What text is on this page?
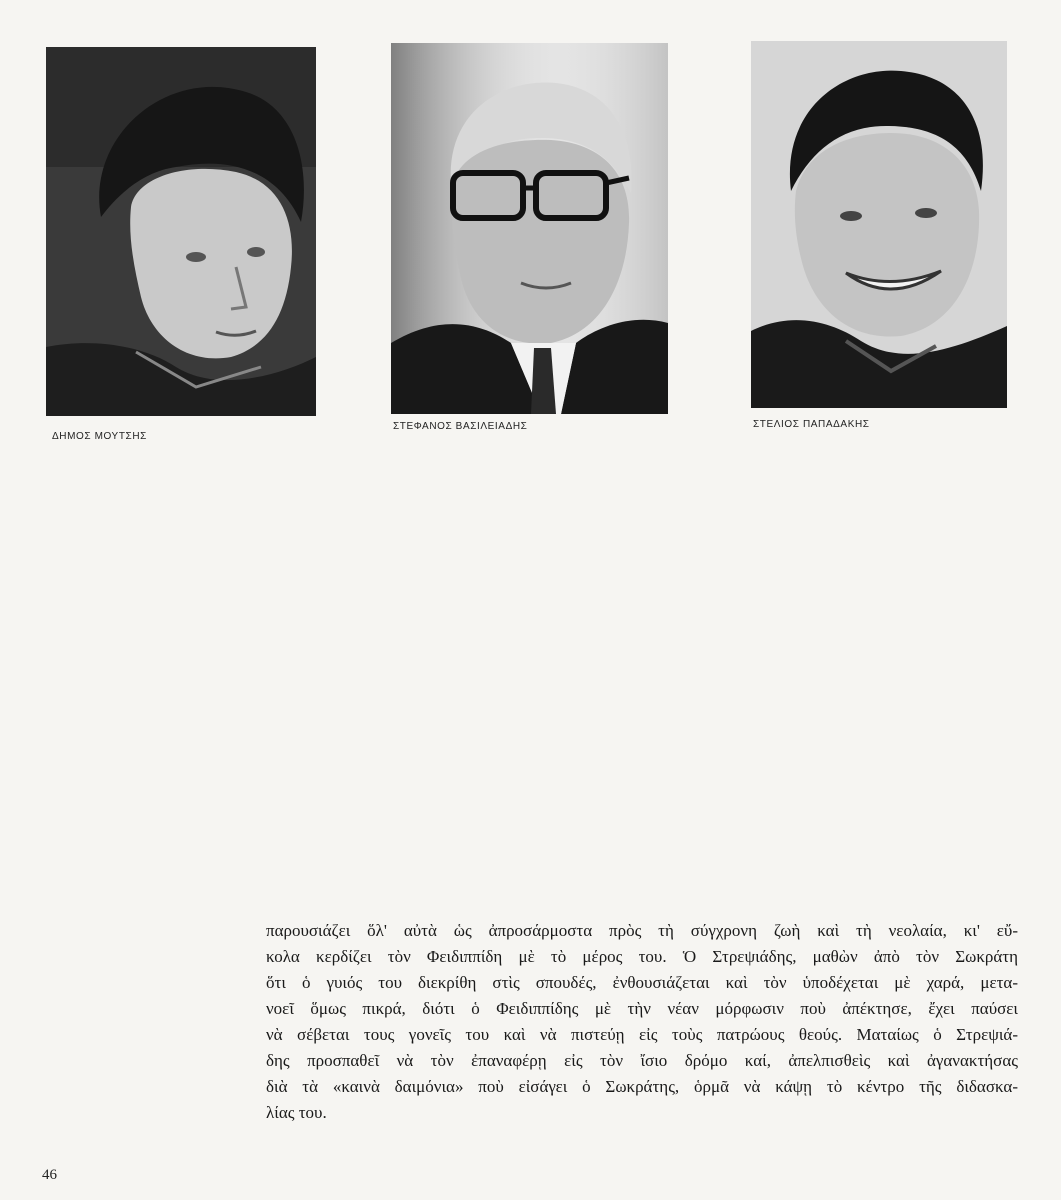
ΔΗΜΟΣ ΜΟΥΤΣΗΣ
ΣΤΕΦΑΝΟΣ ΒΑΣΙΛΕΙΑΔΗΣ	ΣΤΕΛΙΟΣ ΠΑΠΑΔΑΚΗΣ
παρουσιάζει ὅλ' αὐτὰ ὡς ἀπροσάρμοστα πρὸς τὴ σύγχρονη ζωὴ καὶ τὴ νεολαία, κι' εὔ-
κολα κερδίζει τὸν Φειδιππίδη μὲ τὸ μέρος του. Ὁ Στρεψιάδης, μαθὼν ἀπὸ τὸν Σωκράτη
ὅτι ὁ γυιός του διεκρίθη στὶς σπουδές, ἐνθουσιάζεται καὶ τὸν ὑποδέχεται μὲ χαρά, μετα-
νοεῖ ὅμως πικρά, διότι ὁ Φειδιππίδης μὲ τὴν νέαν μόρφωσιν ποὺ ἀπέκτησε, ἔχει παύσει
νὰ σέβεται τους γονεῖς του καὶ νὰ πιστεύῃ εἰς τοὺς πατρώους θεούς. Ματαίως ὁ Στρεψιά-
δης προσπαθεῖ νὰ τὸν ἐπαναφέρῃ εἰς τὸν ἴσιο δρόμο καί, ἀπελπισθεὶς καὶ ἀγανακτήσας
διὰ τὰ «καινὰ δαιμόνια» ποὺ εἰσάγει ὁ Σωκράτης, ὁρμᾶ νὰ κάψῃ τὸ κέντρο τῆς διδασκα-
λίας του.
46
